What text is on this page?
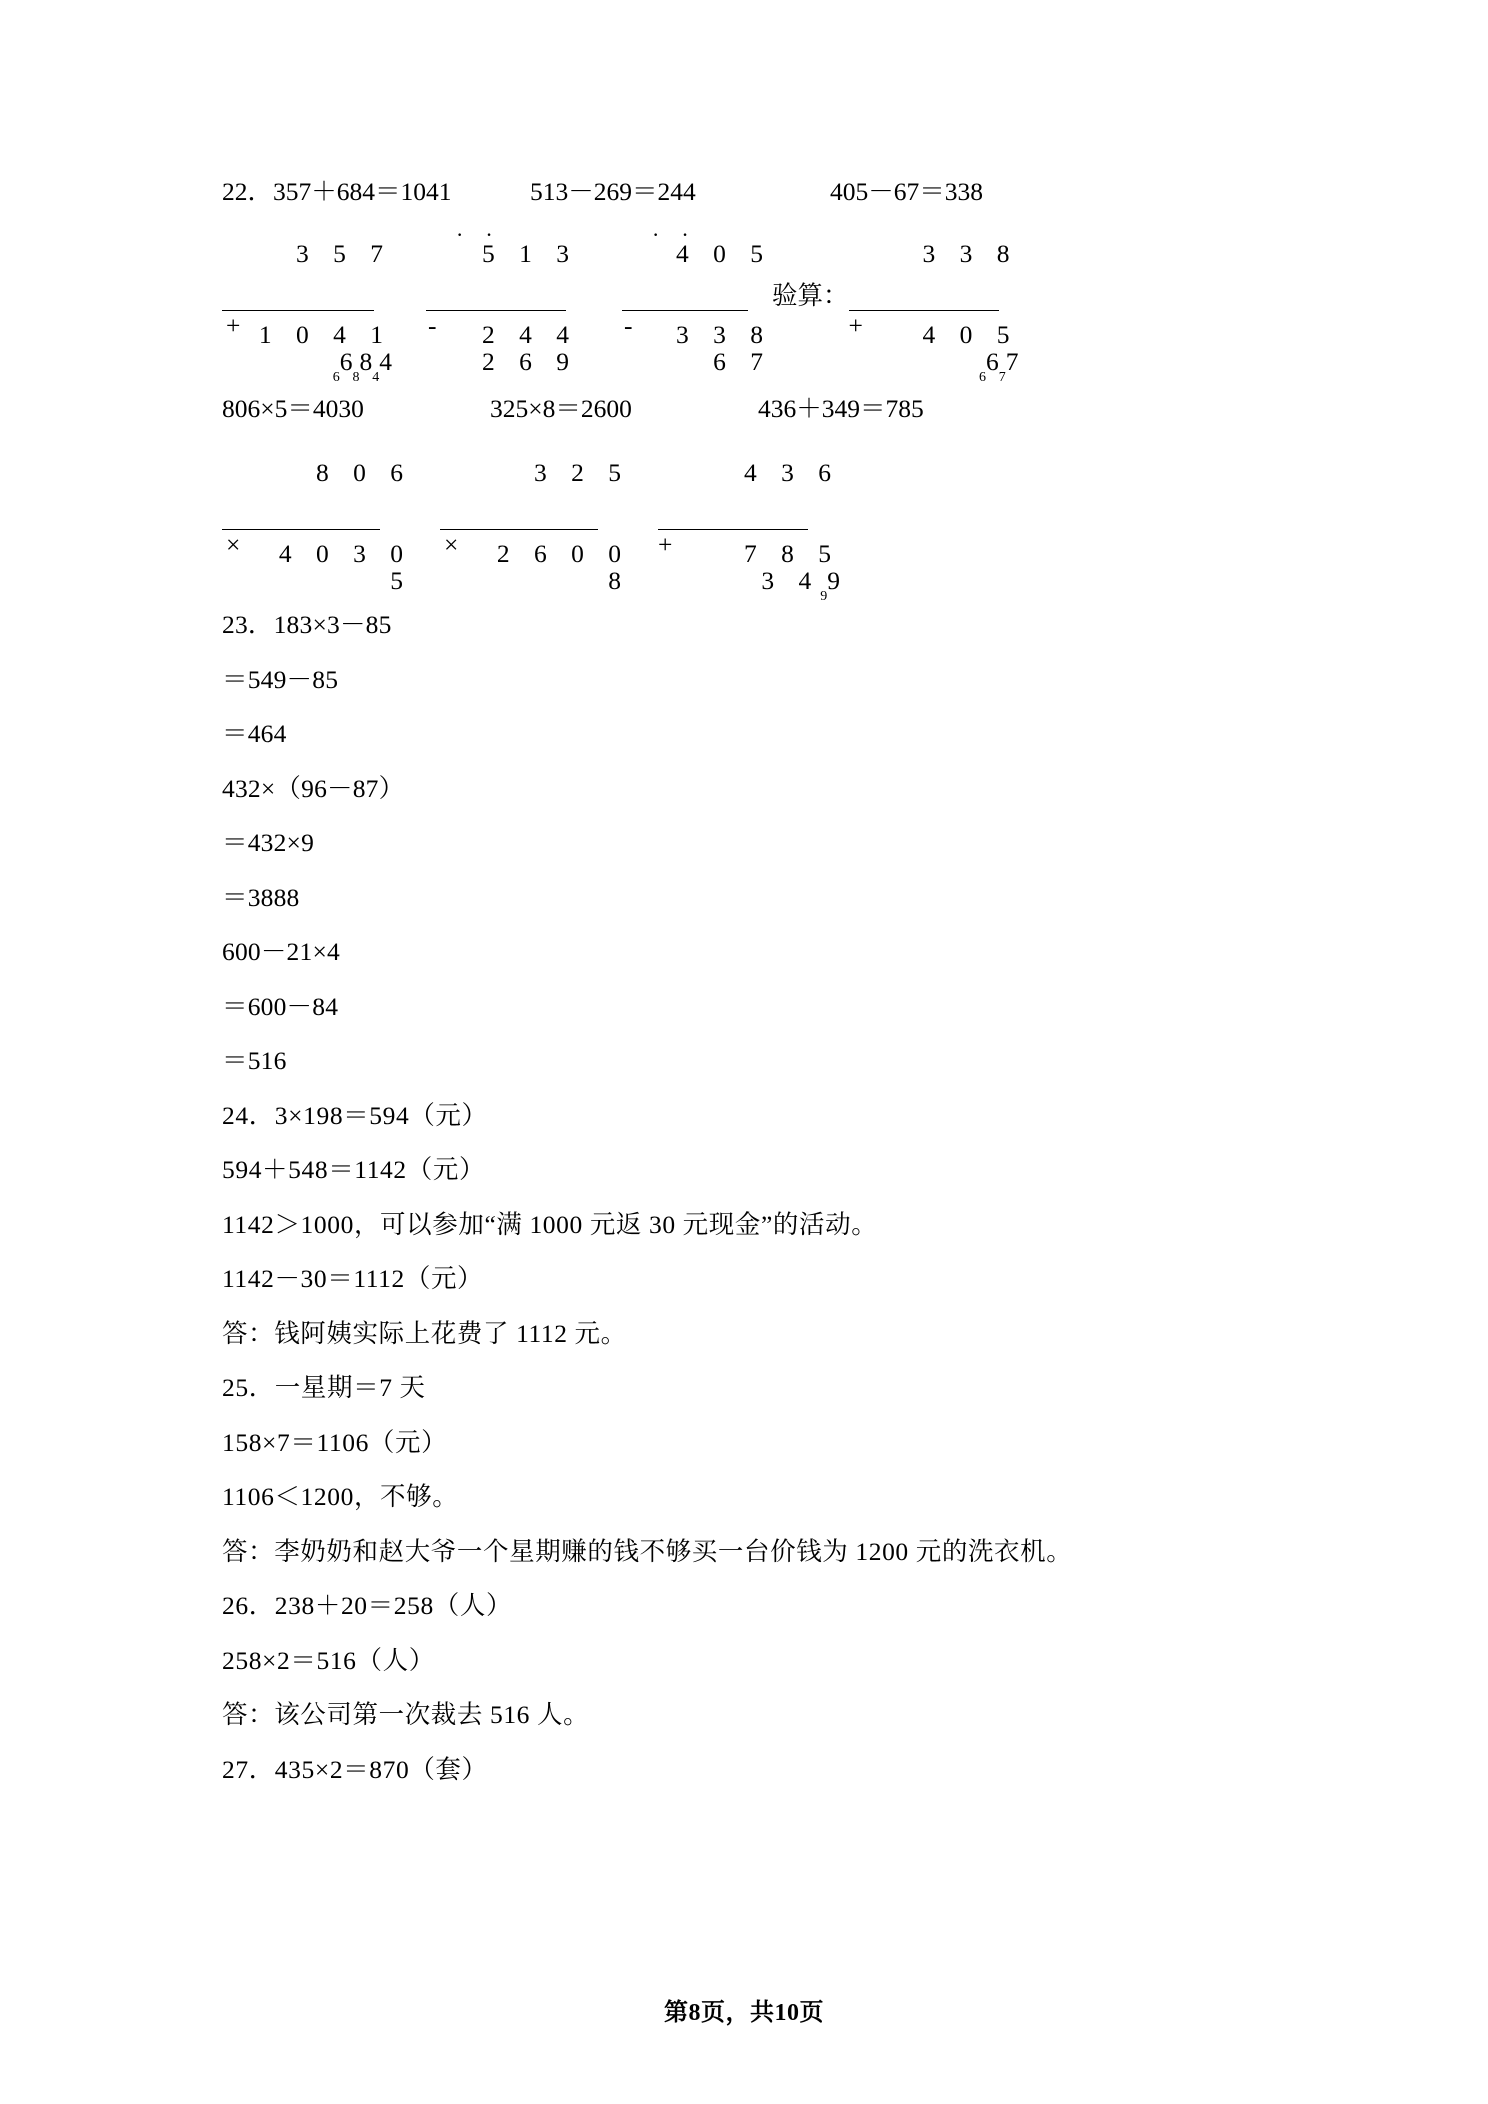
22．357＋684＝1041	513－269＝244	405－67＝338
3 5 7

+

$_66_88_44$

1 0 4 1
··
5 1 3

-

2 6 9

2 4 4
··
4 0 5

-

6 7

3 3 8
验算：
3 3 8

+

$_66_77$

4 0 5
806×5＝4030	325×8＝2600	436＋349＝785
8 0 6

×

5

4 0 3 0
3 2 5

×

8

2 6 0 0
4 3 6

+

3 $4_99$

7 8 5

23．183×3－85

＝549－85

＝464

432×（96－87）

＝432×9

＝3888

600－21×4

＝600－84

＝516

24．3×198＝594（元）

594＋548＝1142（元）

1142＞1000，可以参加“满 1000 元返 30 元现金”的活动。

1142－30＝1112（元）

答：钱阿姨实际上花费了 1112 元。

25．一星期＝7 天

158×7＝1106（元）

1106＜1200，不够。

答：李奶奶和赵大爷一个星期赚的钱不够买一台价钱为 1200 元的洗衣机。

26．238＋20＝258（人）

258×2＝516（人）

答：该公司第一次裁去 516 人。

27．435×2＝870（套）

第8页，共10页
